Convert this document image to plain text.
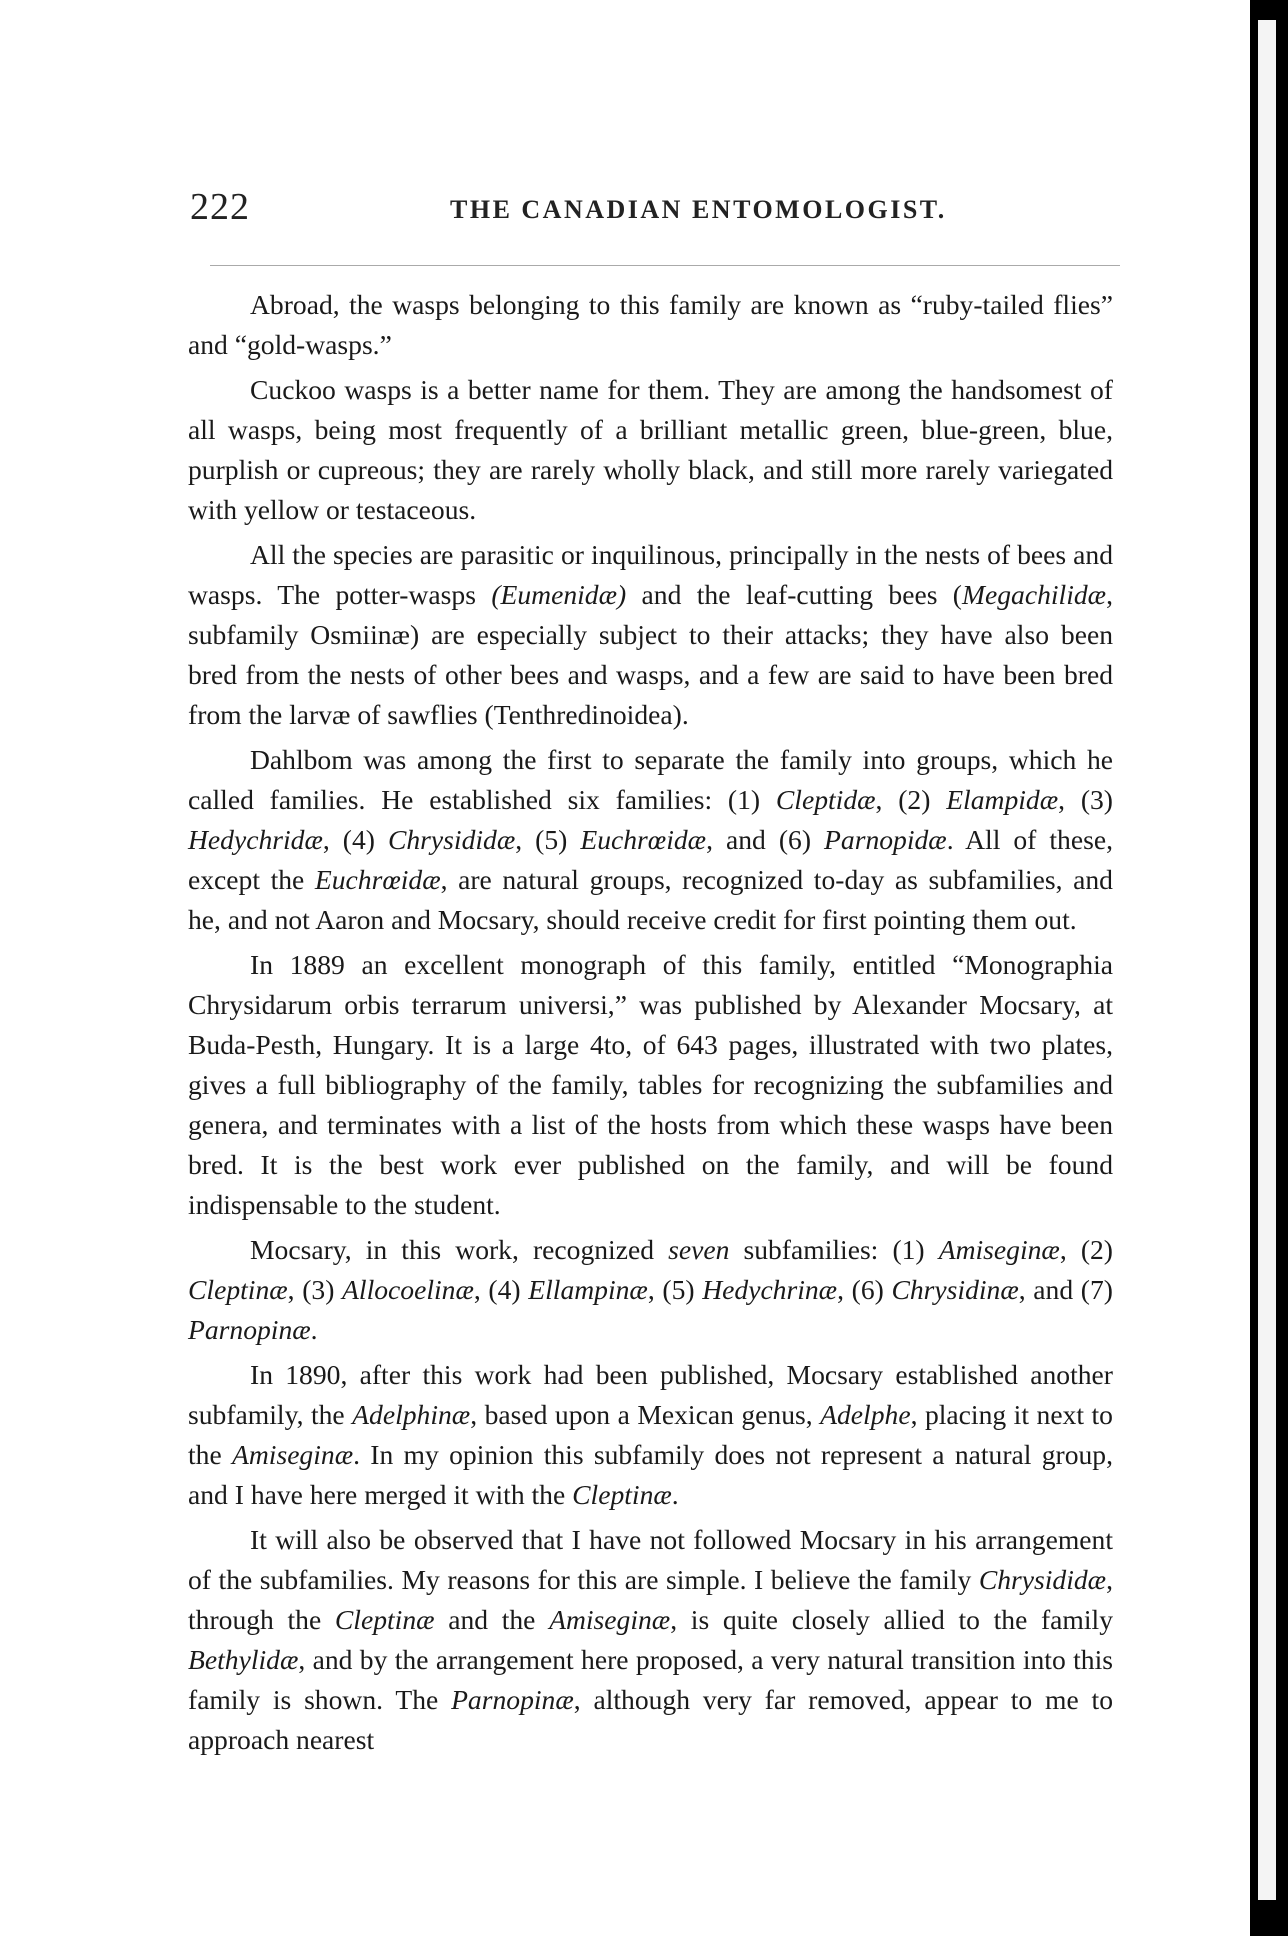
222	THE CANADIAN ENTOMOLOGIST.

Abroad, the wasps belonging to this family are known as “ruby-tailed flies” and “gold-wasps.”

Cuckoo wasps is a better name for them. They are among the handsomest of all wasps, being most frequently of a brilliant metallic green, blue-green, blue, purplish or cupreous; they are rarely wholly black, and still more rarely variegated with yellow or testaceous.

All the species are parasitic or inquilinous, principally in the nests of bees and wasps. The potter-wasps (Eumenidæ) and the leaf-cutting bees (Megachilidæ, subfamily Osmiinæ) are especially subject to their attacks; they have also been bred from the nests of other bees and wasps, and a few are said to have been bred from the larvæ of sawflies (Tenthredinoidea).

Dahlbom was among the first to separate the family into groups, which he called families. He established six families: (1) Cleptidæ, (2) Elampidæ, (3) Hedychridæ, (4) Chrysididæ, (5) Euchrœidæ, and (6) Parnopidæ. All of these, except the Euchrœidæ, are natural groups, recognized to-day as subfamilies, and he, and not Aaron and Mocsary, should receive credit for first pointing them out.

In 1889 an excellent monograph of this family, entitled “Monographia Chrysidarum orbis terrarum universi,” was published by Alexander Mocsary, at Buda-Pesth, Hungary. It is a large 4to, of 643 pages, illustrated with two plates, gives a full bibliography of the family, tables for recognizing the subfamilies and genera, and terminates with a list of the hosts from which these wasps have been bred. It is the best work ever published on the family, and will be found indispensable to the student.

Mocsary, in this work, recognized seven subfamilies: (1) Amiseginæ, (2) Cleptinæ, (3) Allocoelinæ, (4) Ellampinæ, (5) Hedychrinæ, (6) Chrysidinæ, and (7) Parnopinæ.

In 1890, after this work had been published, Mocsary established another subfamily, the Adelphinæ, based upon a Mexican genus, Adelphe, placing it next to the Amiseginæ. In my opinion this subfamily does not represent a natural group, and I have here merged it with the Cleptinæ.

It will also be observed that I have not followed Mocsary in his arrangement of the subfamilies. My reasons for this are simple. I believe the family Chrysididæ, through the Cleptinæ and the Amiseginæ, is quite closely allied to the family Bethylidæ, and by the arrangement here proposed, a very natural transition into this family is shown. The Parnopinæ, although very far removed, appear to me to approach nearest
